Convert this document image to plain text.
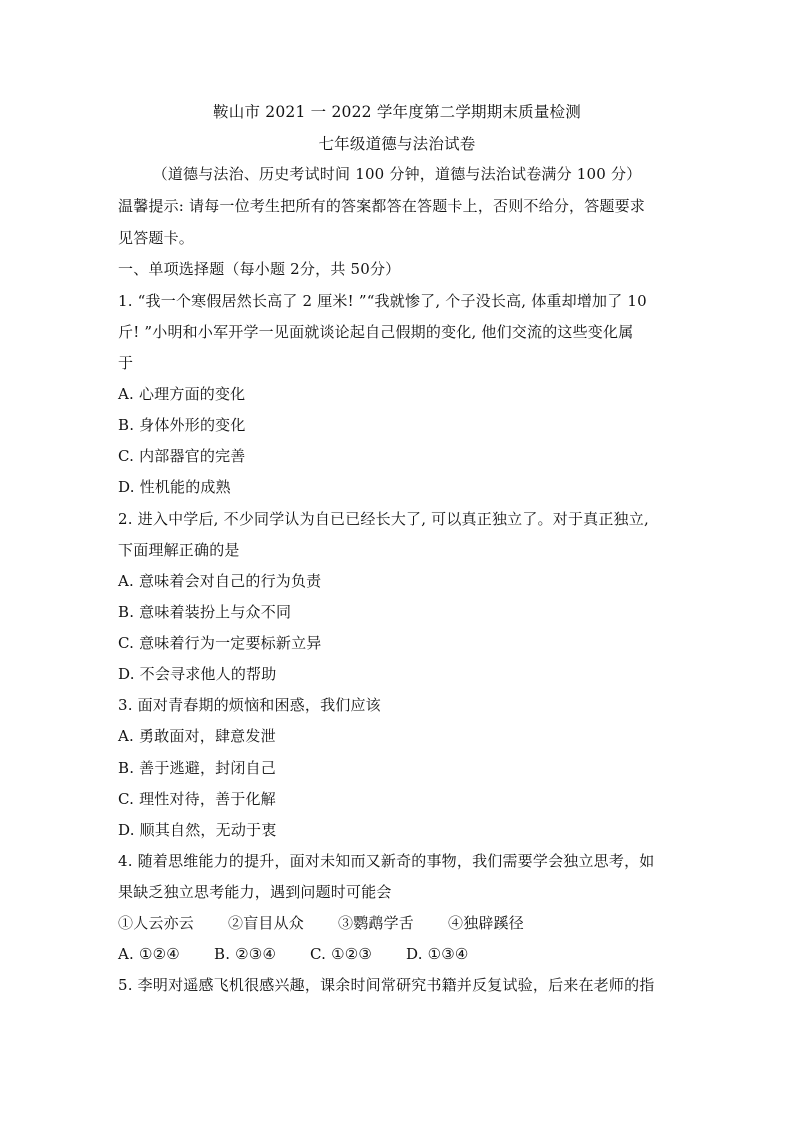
鞍山市 2021 一 2022 学年度第二学期期末质量检测
七年级道德与法治试卷
（道德与法治、历史考试时间 100 分钟，道德与法治试卷满分 100 分）
温馨提示: 请每一位考生把所有的答案都答在答题卡上，否则不给分，答题要求
见答题卡。
一、单项选择题（每小题 2分，共 50分）
1. “我一个寒假居然长高了 2 厘米! ”“我就惨了, 个子没长高, 体重却增加了 10
斤! ”小明和小军开学一见面就谈论起自己假期的变化, 他们交流的这些变化属
于
A. 心理方面的变化
B. 身体外形的变化
C. 内部器官的完善
D. 性机能的成熟
2. 进入中学后, 不少同学认为自已已经长大了, 可以真正独立了。对于真正独立,
下面理解正确的是
A. 意味着会对自己的行为负责
B. 意味着装扮上与众不同
C. 意味着行为一定要标新立异
D. 不会寻求他人的帮助
3. 面对青春期的烦恼和困惑，我们应该
A. 勇敢面对，肆意发泄
B. 善于逃避，封闭自己
C. 理性对待，善于化解
D. 顺其自然，无动于衷
4. 随着思维能力的提升，面对未知而又新奇的事物，我们需要学会独立思考，如
果缺乏独立思考能力，遇到问题时可能会
①人云亦云 ②盲目从众 ③鹦鹉学舌 ④独辟蹊径
A. ①②④ B. ②③④ C. ①②③ D. ①③④
5. 李明对遥感飞机很感兴趣，课余时间常研究书籍并反复试验，后来在老师的指
